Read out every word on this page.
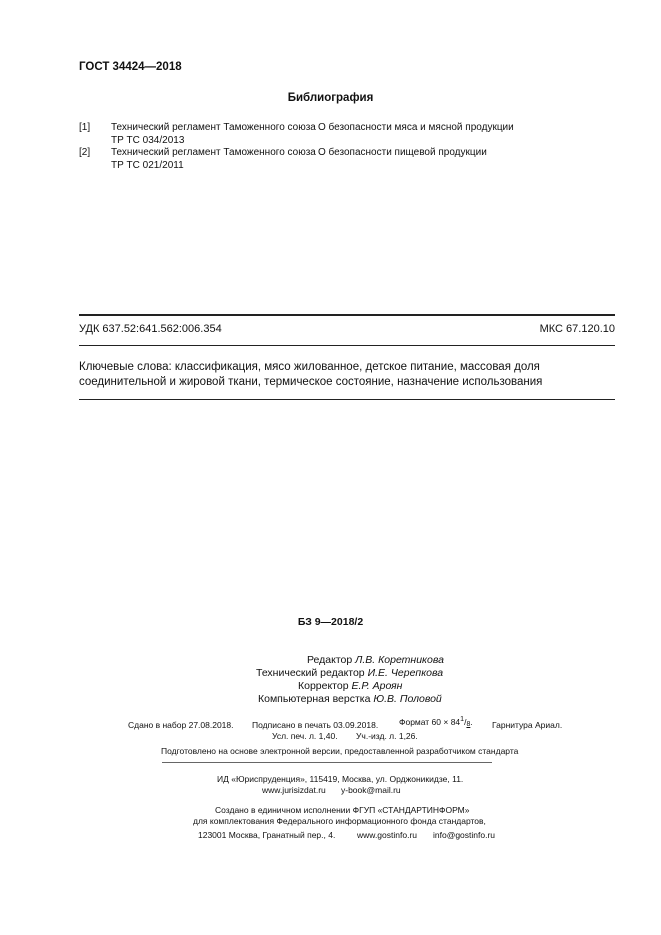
ГОСТ 34424—2018
Библиография
[1] Технический регламент Таможенного союза
ТР ТС 034/2013
О безопасности мяса и мясной продукции
[2] Технический регламент Таможенного союза
ТР ТС 021/2011
О безопасности пищевой продукции
УДК 637.52:641.562:006.354	МКС 67.120.10
Ключевые слова: классификация, мясо жилованное, детское питание, массовая доля соединительной и жировой ткани, термическое состояние, назначение использования
БЗ 9—2018/2
Редактор Л.В. Коретникова
Технический редактор И.Е. Черепкова
Корректор Е.Р. Ароян
Компьютерная верстка Ю.В. Половой
Сдано в набор 27.08.2018. Подписано в печать 03.09.2018. Формат $60 \times 84^1/_8$. Гарнитура Ариал.
Усл. печ. л. 1,40. Уч.-изд. л. 1,26.
Подготовлено на основе электронной версии, предоставленной разработчиком стандарта
ИД «Юриспруденция», 115419, Москва, ул. Орджоникидзе, 11.
www.jurisizdat.ru y-book@mail.ru
Создано в единичном исполнении ФГУП «СТАНДАРТИНФОРМ»
для комплектования Федерального информационного фонда стандартов,
123001 Москва, Гранатный пер., 4.	www.gostinfo.ru info@gostinfo.ru
